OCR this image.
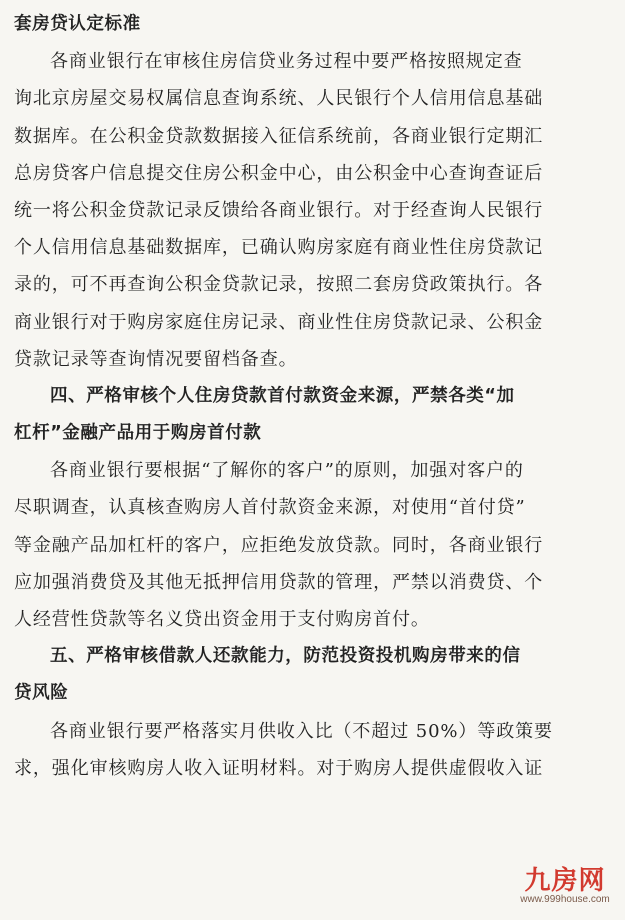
套房贷认定标准
各商业银行在审核住房信贷业务过程中要严格按照规定查
询北京房屋交易权属信息查询系统、人民银行个人信用信息基础
数据库。在公积金贷款数据接入征信系统前，各商业银行定期汇
总房贷客户信息提交住房公积金中心，由公积金中心查询查证后
统一将公积金贷款记录反馈给各商业银行。对于经查询人民银行
个人信用信息基础数据库，已确认购房家庭有商业性住房贷款记
录的，可不再查询公积金贷款记录，按照二套房贷政策执行。各
商业银行对于购房家庭住房记录、商业性住房贷款记录、公积金
贷款记录等查询情况要留档备查。
四、严格审核个人住房贷款首付款资金来源，严禁各类“加
杠杆”金融产品用于购房首付款
各商业银行要根据“了解你的客户”的原则，加强对客户的
尽职调查，认真核查购房人首付款资金来源，对使用“首付贷”
等金融产品加杠杆的客户，应拒绝发放贷款。同时，各商业银行
应加强消费贷及其他无抵押信用贷款的管理，严禁以消费贷、个
人经营性贷款等名义贷出资金用于支付购房首付。
五、严格审核借款人还款能力，防范投资投机购房带来的信
贷风险
各商业银行要严格落实月供收入比（不超过 50%）等政策要
求，强化审核购房人收入证明材料。对于购房人提供虚假收入证
九房网
www.999house.com
